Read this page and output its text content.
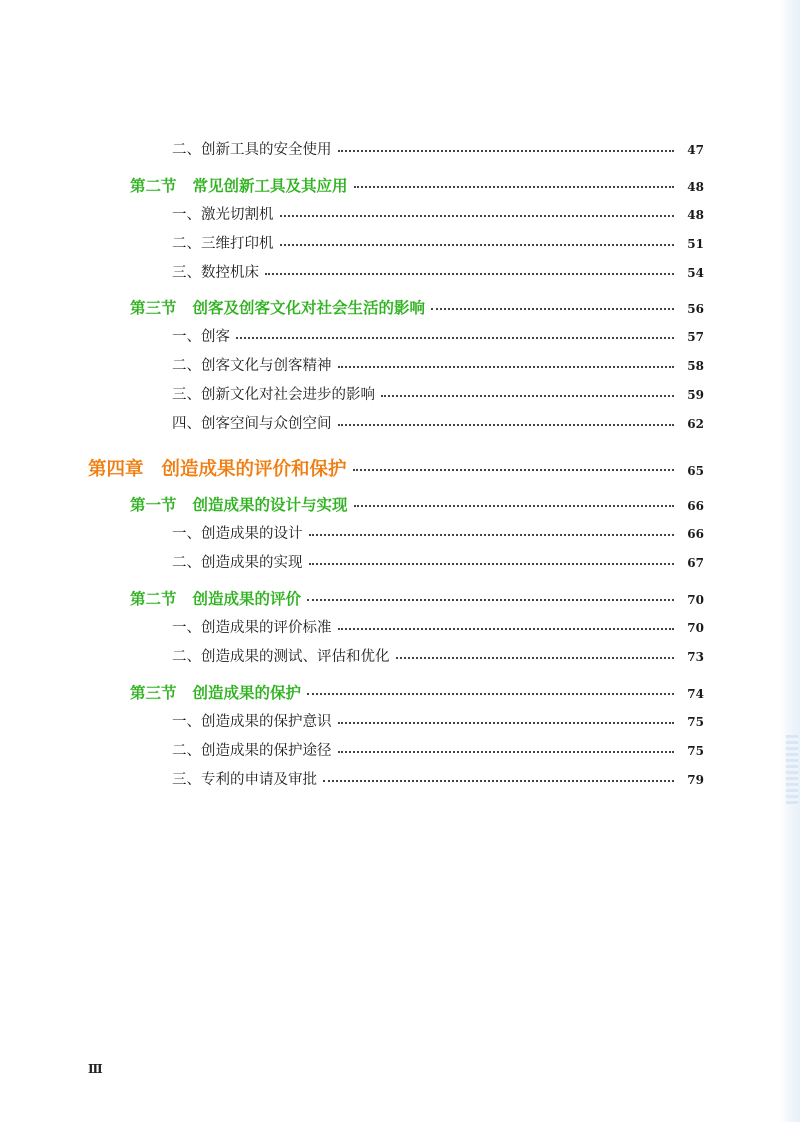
二、创新工具的安全使用	47
第二节 常见创新工具及其应用	48
一、激光切割机	48
二、三维打印机	51
三、数控机床	54
第三节 创客及创客文化对社会生活的影响	56
一、创客	57
二、创客文化与创客精神	58
三、创新文化对社会进步的影响	59
四、创客空间与众创空间	62
第四章 创造成果的评价和保护	65
第一节 创造成果的设计与实现	66
一、创造成果的设计	66
二、创造成果的实现	67
第二节 创造成果的评价	70
一、创造成果的评价标准	70
二、创造成果的测试、评估和优化	73
第三节 创造成果的保护	74
一、创造成果的保护意识	75
二、创造成果的保护途径	75
三、专利的申请及审批	79
Ⅲ
